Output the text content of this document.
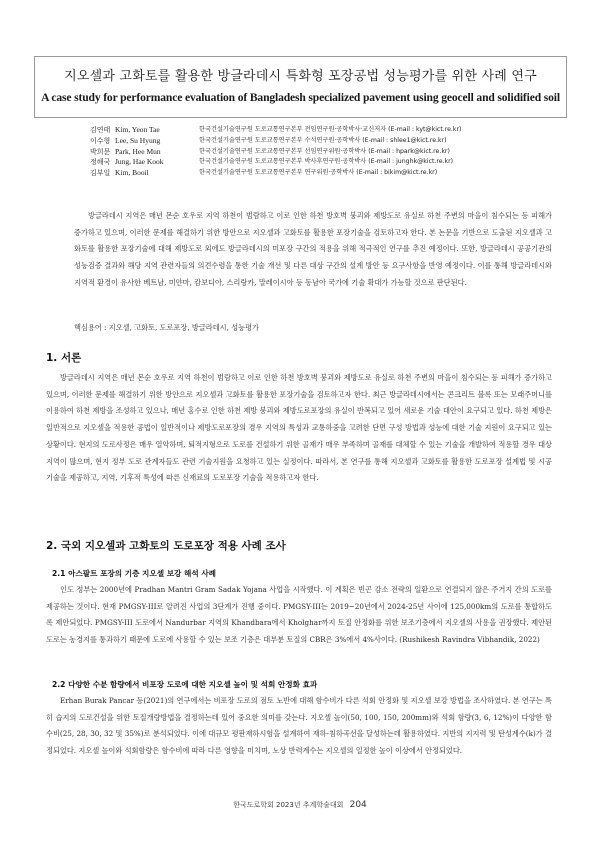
지오셀과 고화토를 활용한 방글라데시 특화형 포장공법 성능평가를 위한 사례 연구
A case study for performance evaluation of Bangladesh specialized pavement using geocell and solidified soil
김연태 Kim, Yeon Tae	한국건설기술연구원 도로교통연구본부 전임연구원·공학박사·교신저자 (E-mail : kyt@kict.re.kr)
이수형 Lee, Su Hyung	한국건설기술연구원 도로교통연구본부 수석연구원·공학박사 (E-mail : shlee1@kict.re.kr)
박희문 Park, Hee Mun	한국건설기술연구원 도로교통연구본부 선임연구위원·공학박사 (E-mail : hpark@kict.re.kr)
정해국 Jung, Hae Kook	한국건설기술연구원 도로교통연구본부 박사후연구원·공학박사 (E-mail : junghk@kict.re.kr)
김부일 Kim, Booil	한국건설기술연구원 도로교통연구본부 연구위원·공학박사 (E-mail : bikim@kict.re.kr)

방글라데시 지역은 매년 몬순 호우로 지역 하천이 범람하고 이로 인한 하천 방호벽 붕괴와 제방도로 유실로 하천 주변의 마을이 침수되는 등 피해가 증가하고 있으며, 이러한 문제를 해결하기 위한 방안으로 지오셀과 고화토를 활용한 포장기술을 검토하고자 한다. 본 논문을 기반으로 도출된 지오셀과 고화토를 활용한 포장기술에 대해 제방도로 외에도 방글라데시의 미포장 구간의 적용을 위해 적극적인 연구를 추진 예정이다. 또한, 방글라데시 공공기관의 성능검증 결과와 해당 지역 관련자들의 의견수렴을 통한 기술 개선 및 다른 대상 구간의 설계 방안 등 요구사항을 반영 예정이다. 이를 통해 방글라데시와 지역적 환경이 유사한 베트남, 미얀마, 캄보디아, 스리랑카, 말레이시아 등 동남아 국가에 기술 확대가 가능할 것으로 판단된다.

핵심용어 : 지오셀, 고화토, 도로포장, 방글라데시, 성능평가

1. 서론

방글라데시 지역은 매년 몬순 호우로 지역 하천이 범람하고 이로 인한 하천 방호벽 붕괴와 제방도로 유실로 하천 주변의 마을이 침수되는 등 피해가 증가하고 있으며, 이러한 문제를 해결하기 위한 방안으로 지오셀과 고화토를 활용한 포장기술을 검토하고자 한다. 최근 방글라데시에서는 콘크리트 블록 또는 모래주머니를 이용하여 하천 제방을 조성하고 있으나, 매년 홍수로 인한 하천 제방 붕괴와 제방도로포장의 유실이 반복되고 있어 새로운 기술 대안이 요구되고 있다. 하천 제방은 일반적으로 지오셀을 적용한 공법이 일반적이나 제방도로포장의 경우 지역의 특성과 교통하중을 고려한 단면 구성 방법과 성능에 대한 기술 지원이 요구되고 있는 상황이다. 현지의 도로사정은 매우 열악하며, 퇴적지형으로 도로를 건설하기 위한 골재가 매우 부족하며 골재를 대체할 수 있는 기술을 개발하여 적용할 경우 대상 지역이 많으며, 현지 정부 도로 관계자들도 관련 기술지원을 요청하고 있는 실정이다. 따라서, 본 연구를 통해 지오셀과 고화토를 활용한 도로포장 설계법 및 시공 기술을 제공하고, 지역, 기후적 특성에 따른 신재료의 도로포장 기술을 적용하고자 한다.

2. 국외 지오셀과 고화토의 도로포장 적용 사례 조사
2.1 아스팔트 포장의 기층 지오셀 보강 해석 사례

인도 정부는 2000년에 Pradhan Mantri Gram Sadak Yojana 사업을 시작했다. 이 계획은 빈곤 감소 전략의 일환으로 연결되지 않은 주거지 간의 도로를 제공하는 것이다. 현재 PMGSY-III로 알려진 사업의 3단계가 진행 중이다. PMGSY-III는 2019~20년에서 2024-25년 사이에 125,000km의 도로를 통합하도록 제안되었다. PMGSY-III 도로에서 Nandurbar 지역의 Khandbara에서 Kholghar까지 토질 안정화를 위한 보조기층에서 지오셀의 사용을 권장했다. 제안된 도로는 농경지를 통과하기 때문에 도로에 사용할 수 있는 보조 기층은 대부분 토질의 CBR은 3%에서 4%사이다. (Rushikesh Ravindra Vibhandik, 2022)

2.2 다양한 수분 함량에서 비포장 도로에 대한 지오셀 높이 및 석회 안정화 효과

Erhan Burak Pancar 등(2021)의 연구에서는 비포장 도로의 점토 노반에 대해 함수비가 다른 석회 안정화 및 지오셀 보강 방법을 조사하였다. 본 연구는 특히 습지의 도로건설을 위한 토질개량방법을 결정하는데 있어 중요한 의미를 갖는다. 지오셀 높이(50, 100, 150, 200mm)와 석회 함량(3, 6, 12%)이 다양한 함수비(25, 28, 30, 32 및 35%)로 분석되었다. 이에 대규모 평판재하시험을 설계하여 재하-침하곡선을 달성하는데 활용하였다. 지반의 지지력 및 탄성계수(k)가 결정되었다. 지오셀 높이와 석회함량은 함수비에 따라 다른 영향을 미치며, 노상 반력계수는 지오셀의 일정한 높이 이상에서 안정되었다.

한국도로학회 2023년 추계학술대회 204
